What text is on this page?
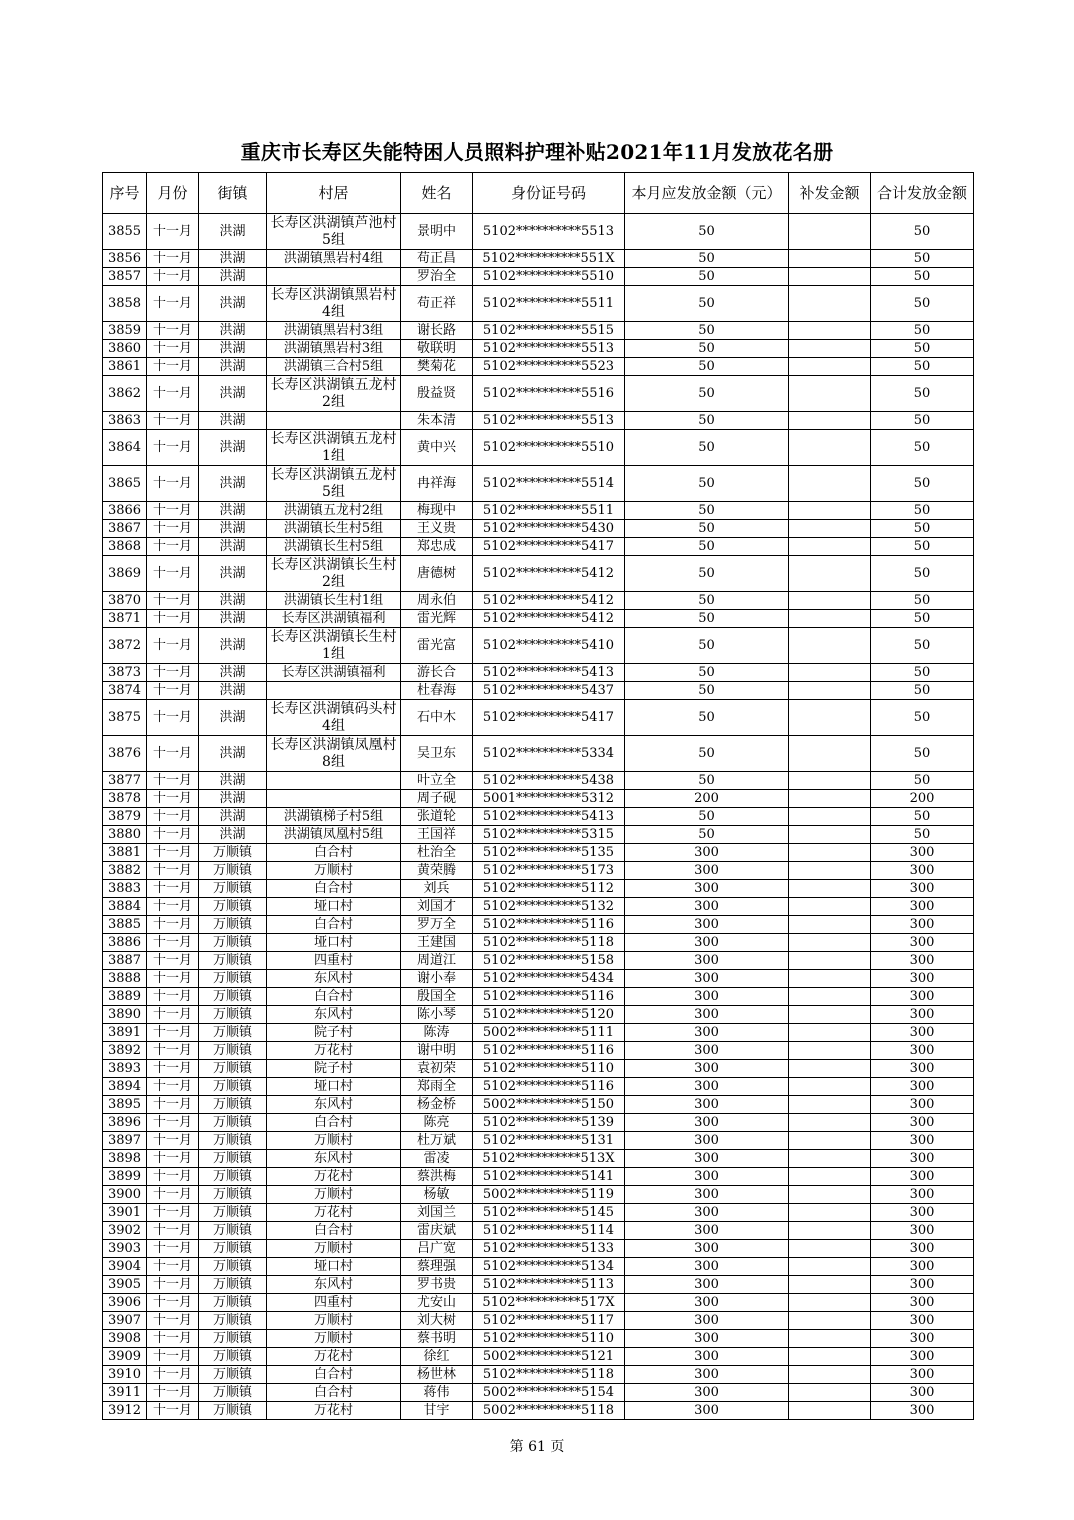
重庆市长寿区失能特困人员照料护理补贴2021年11月发放花名册
序号	月份	街镇	村居	姓名	身份证号码	本月应发放金额（元）	补发金额	合计发放金额
3855	十一月	洪湖	长寿区洪湖镇芦池村5组	景明中	5102**********5513	50		50
3856	十一月	洪湖	洪湖镇黑岩村4组	苟正昌	5102**********551X	50		50
3857	十一月	洪湖		罗治全	5102**********5510	50		50
3858	十一月	洪湖	长寿区洪湖镇黑岩村4组	苟正祥	5102**********5511	50		50
3859	十一月	洪湖	洪湖镇黑岩村3组	谢长路	5102**********5515	50		50
3860	十一月	洪湖	洪湖镇黑岩村3组	敬联明	5102**********5513	50		50
3861	十一月	洪湖	洪湖镇三合村5组	樊菊花	5102**********5523	50		50
3862	十一月	洪湖	长寿区洪湖镇五龙村2组	殷益贤	5102**********5516	50		50
3863	十一月	洪湖		朱本清	5102**********5513	50		50
3864	十一月	洪湖	长寿区洪湖镇五龙村1组	黄中兴	5102**********5510	50		50
3865	十一月	洪湖	长寿区洪湖镇五龙村5组	冉祥海	5102**********5514	50		50
3866	十一月	洪湖	洪湖镇五龙村2组	梅现中	5102**********5511	50		50
3867	十一月	洪湖	洪湖镇长生村5组	王义贵	5102**********5430	50		50
3868	十一月	洪湖	洪湖镇长生村5组	郑忠成	5102**********5417	50		50
3869	十一月	洪湖	长寿区洪湖镇长生村2组	唐德树	5102**********5412	50		50
3870	十一月	洪湖	洪湖镇长生村1组	周永伯	5102**********5412	50		50
3871	十一月	洪湖	长寿区洪湖镇福利	雷光辉	5102**********5412	50		50
3872	十一月	洪湖	长寿区洪湖镇长生村1组	雷光富	5102**********5410	50		50
3873	十一月	洪湖	长寿区洪湖镇福利	游长合	5102**********5413	50		50
3874	十一月	洪湖		杜春海	5102**********5437	50		50
3875	十一月	洪湖	长寿区洪湖镇码头村4组	石中木	5102**********5417	50		50
3876	十一月	洪湖	长寿区洪湖镇凤凰村8组	吴卫东	5102**********5334	50		50
3877	十一月	洪湖		叶立全	5102**********5438	50		50
3878	十一月	洪湖		周子砚	5001**********5312	200		200
3879	十一月	洪湖	洪湖镇梯子村5组	张道轮	5102**********5413	50		50
3880	十一月	洪湖	洪湖镇凤凰村5组	王国祥	5102**********5315	50		50
3881	十一月	万顺镇	白合村	杜治全	5102**********5135	300		300
3882	十一月	万顺镇	万顺村	黄荣腾	5102**********5173	300		300
3883	十一月	万顺镇	白合村	刘兵	5102**********5112	300		300
3884	十一月	万顺镇	垭口村	刘国才	5102**********5132	300		300
3885	十一月	万顺镇	白合村	罗万全	5102**********5116	300		300
3886	十一月	万顺镇	垭口村	王建国	5102**********5118	300		300
3887	十一月	万顺镇	四重村	周道江	5102**********5158	300		300
3888	十一月	万顺镇	东风村	谢小奉	5102**********5434	300		300
3889	十一月	万顺镇	白合村	殷国全	5102**********5116	300		300
3890	十一月	万顺镇	东风村	陈小琴	5102**********5120	300		300
3891	十一月	万顺镇	院子村	陈涛	5002**********5111	300		300
3892	十一月	万顺镇	万花村	谢中明	5102**********5116	300		300
3893	十一月	万顺镇	院子村	袁初荣	5102**********5110	300		300
3894	十一月	万顺镇	垭口村	郑雨全	5102**********5116	300		300
3895	十一月	万顺镇	东风村	杨金桥	5002**********5150	300		300
3896	十一月	万顺镇	白合村	陈亮	5102**********5139	300		300
3897	十一月	万顺镇	万顺村	杜万斌	5102**********5131	300		300
3898	十一月	万顺镇	东风村	雷凌	5102**********513X	300		300
3899	十一月	万顺镇	万花村	蔡洪梅	5102**********5141	300		300
3900	十一月	万顺镇	万顺村	杨敏	5002**********5119	300		300
3901	十一月	万顺镇	万花村	刘国兰	5102**********5145	300		300
3902	十一月	万顺镇	白合村	雷庆斌	5102**********5114	300		300
3903	十一月	万顺镇	万顺村	吕广宽	5102**********5133	300		300
3904	十一月	万顺镇	垭口村	蔡理强	5102**********5134	300		300
3905	十一月	万顺镇	东风村	罗书贵	5102**********5113	300		300
3906	十一月	万顺镇	四重村	尤安山	5102**********517X	300		300
3907	十一月	万顺镇	万顺村	刘大树	5102**********5117	300		300
3908	十一月	万顺镇	万顺村	蔡书明	5102**********5110	300		300
3909	十一月	万顺镇	万花村	徐红	5002**********5121	300		300
3910	十一月	万顺镇	白合村	杨世林	5102**********5118	300		300
3911	十一月	万顺镇	白合村	蒋伟	5002**********5154	300		300
3912	十一月	万顺镇	万花村	甘宇	5002**********5118	300		300
第 61 页
